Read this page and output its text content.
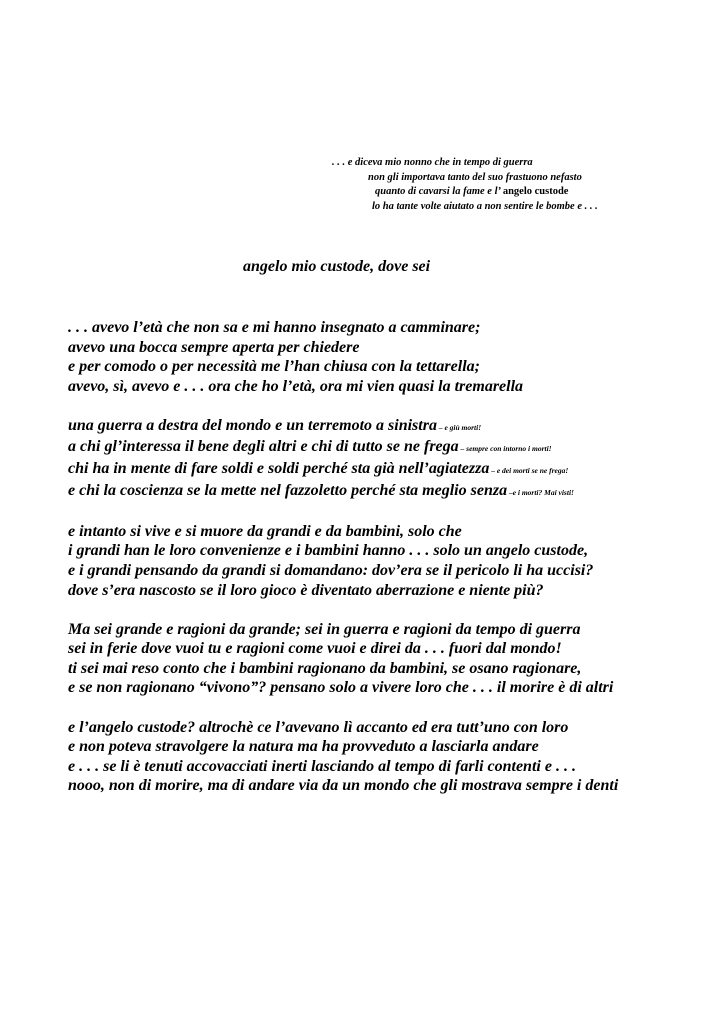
. . . e diceva mio nonno che in tempo di guerra
non gli importava tanto del suo frastuono nefasto
quanto di cavarsi la fame e l’ angelo custode
lo ha tante volte aiutato a non sentire le bombe e . . .
angelo mio custode, dove sei
. . . avevo l’età che non sa e mi hanno insegnato a camminare;
avevo una bocca sempre aperta per chiedere
e per comodo o per necessità me l’han chiusa con la tettarella;
avevo, sì, avevo e . . . ora che ho l’età, ora mi vien quasi la tremarella
una guerra a destra del mondo e un terremoto a sinistra – e giù morti!
a chi gl’interessa il bene degli altri e chi di tutto se ne frega – sempre con intorno i morti!
chi ha in mente di fare soldi e soldi perché sta già nell’agiatezza – e dei morti se ne frega!
e chi la coscienza se la mette nel fazzoletto perché sta meglio senza –e i morti? Mai visti!
e intanto si vive e si muore da grandi e da bambini, solo che
i grandi han le loro convenienze e i bambini hanno . . . solo un angelo custode,
e i grandi pensando da grandi si domandano: dov’era se il pericolo li ha uccisi?
dove s’era nascosto se il loro gioco è diventato aberrazione e niente più?
Ma sei grande e ragioni da grande; sei in guerra e ragioni da tempo di guerra
sei in ferie dove vuoi tu e ragioni come vuoi e direi da . . . fuori dal mondo!
ti sei mai reso conto che i bambini ragionano da bambini, se osano ragionare,
e se non ragionano “vivono”? pensano solo a vivere loro che . . . il morire è di altri
e l’angelo custode? altrochè ce l’avevano lì accanto ed era tutt’uno con loro
e non poteva stravolgere la natura ma ha provveduto a lasciarla andare
e . . . se li è tenuti accovacciati inerti lasciando al tempo di farli contenti e . . .
nooo, non di morire, ma di andare via da un mondo che gli mostrava sempre i denti
